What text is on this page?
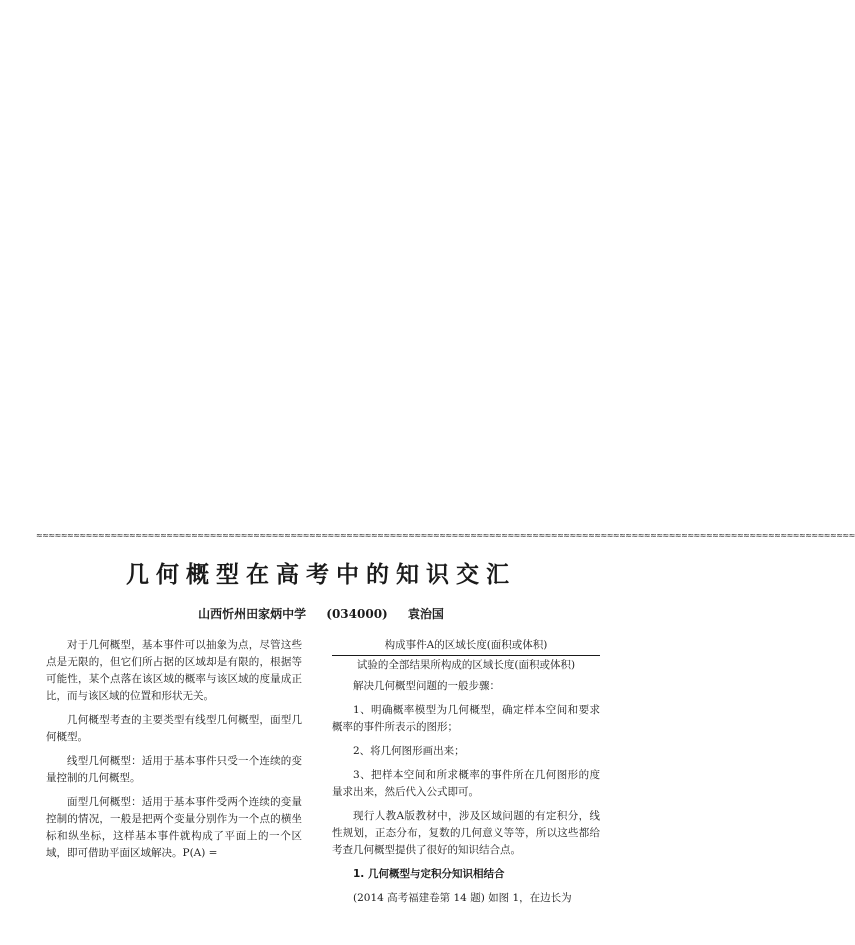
≈≈≈≈≈≈≈≈≈≈≈≈≈≈≈≈≈≈≈≈≈≈≈≈≈≈≈≈≈≈≈≈≈≈≈≈≈≈≈≈≈≈≈≈≈≈≈≈≈≈≈≈≈≈≈≈≈≈≈≈≈≈≈≈≈≈≈≈≈≈≈≈≈≈≈≈≈≈≈≈≈≈≈≈≈≈≈≈≈≈≈≈≈≈≈≈≈≈≈≈≈≈≈≈≈≈≈≈≈≈≈≈≈≈≈≈≈≈≈≈≈≈≈≈≈≈≈≈≈≈≈≈
几何概型在高考中的知识交汇
山西忻州田家炳中学 (034000) 袁治国

对于几何概型，基本事件可以抽象为点，尽管这些点是无限的，但它们所占据的区域却是有限的，根据等可能性，某个点落在该区域的概率与该区域的度量成正比，而与该区域的位置和形状无关。

几何概型考查的主要类型有线型几何概型，面型几何概型。

线型几何概型：适用于基本事件只受一个连续的变量控制的几何概型。

面型几何概型：适用于基本事件受两个连续的变量控制的情况，一般是把两个变量分别作为一个点的横坐标和纵坐标，这样基本事件就构成了平面上的一个区域，即可借助平面区域解决。P(A) =

构成事件A的区域长度(面积或体积)
试验的全部结果所构成的区域长度(面积或体积)

解决几何概型问题的一般步骤：

1、明确概率模型为几何概型，确定样本空间和要求概率的事件所表示的图形；

2、将几何图形画出来；

3、把样本空间和所求概率的事件所在几何图形的度量求出来，然后代入公式即可。

现行人教A版教材中，涉及区域问题的有定积分，线性规划，正态分布，复数的几何意义等等，所以这些都给考查几何概型提供了很好的知识结合点。

1. 几何概型与定积分知识相结合

(2014 高考福建卷第 14 题) 如图 1，在边长为
